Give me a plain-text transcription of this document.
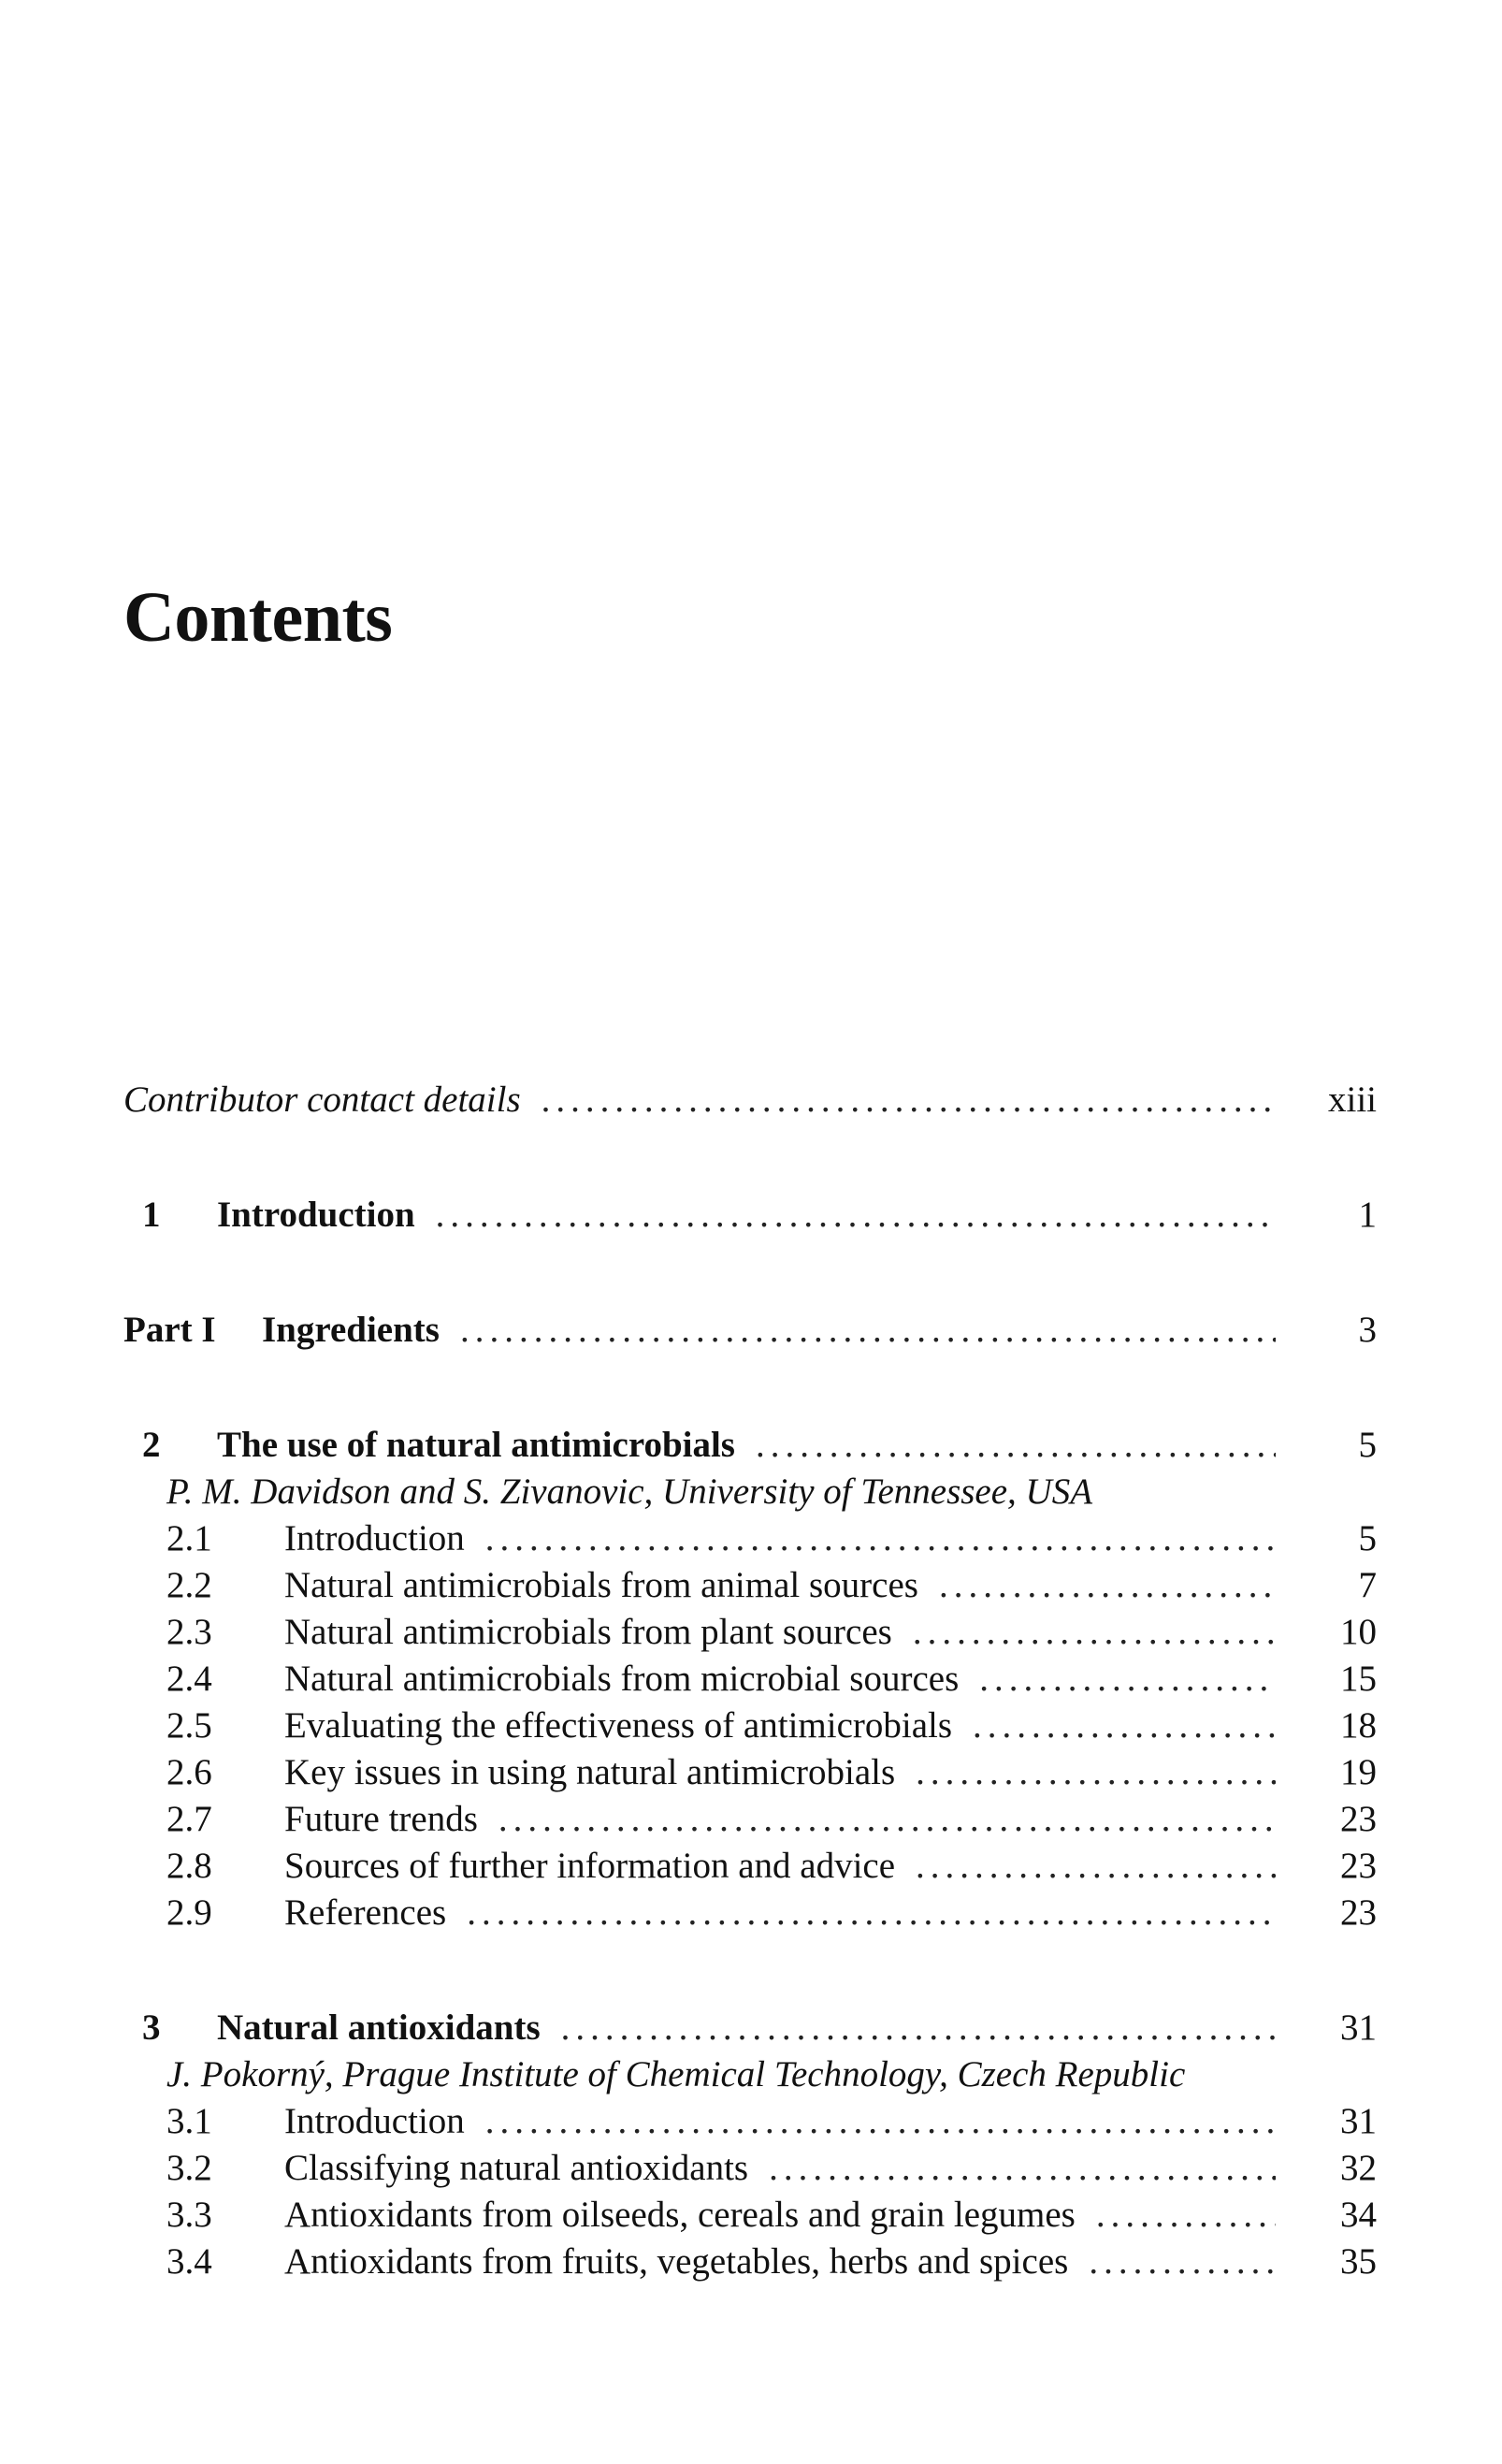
Contents
Contributor contact details .....	xiii
1	Introduction .....	1
Part I	Ingredients .....	3
2	The use of natural antimicrobials .....	5
P. M. Davidson and S. Zivanovic, University of Tennessee, USA
2.1	Introduction .....	5
2.2	Natural antimicrobials from animal sources .....	7
2.3	Natural antimicrobials from plant sources .....	10
2.4	Natural antimicrobials from microbial sources .....	15
2.5	Evaluating the effectiveness of antimicrobials .....	18
2.6	Key issues in using natural antimicrobials .....	19
2.7	Future trends .....	23
2.8	Sources of further information and advice .....	23
2.9	References .....	23
3	Natural antioxidants .....	31
J. Pokorný, Prague Institute of Chemical Technology, Czech Republic
3.1	Introduction .....	31
3.2	Classifying natural antioxidants .....	32
3.3	Antioxidants from oilseeds, cereals and grain legumes .....	34
3.4	Antioxidants from fruits, vegetables, herbs and spices .....	35
